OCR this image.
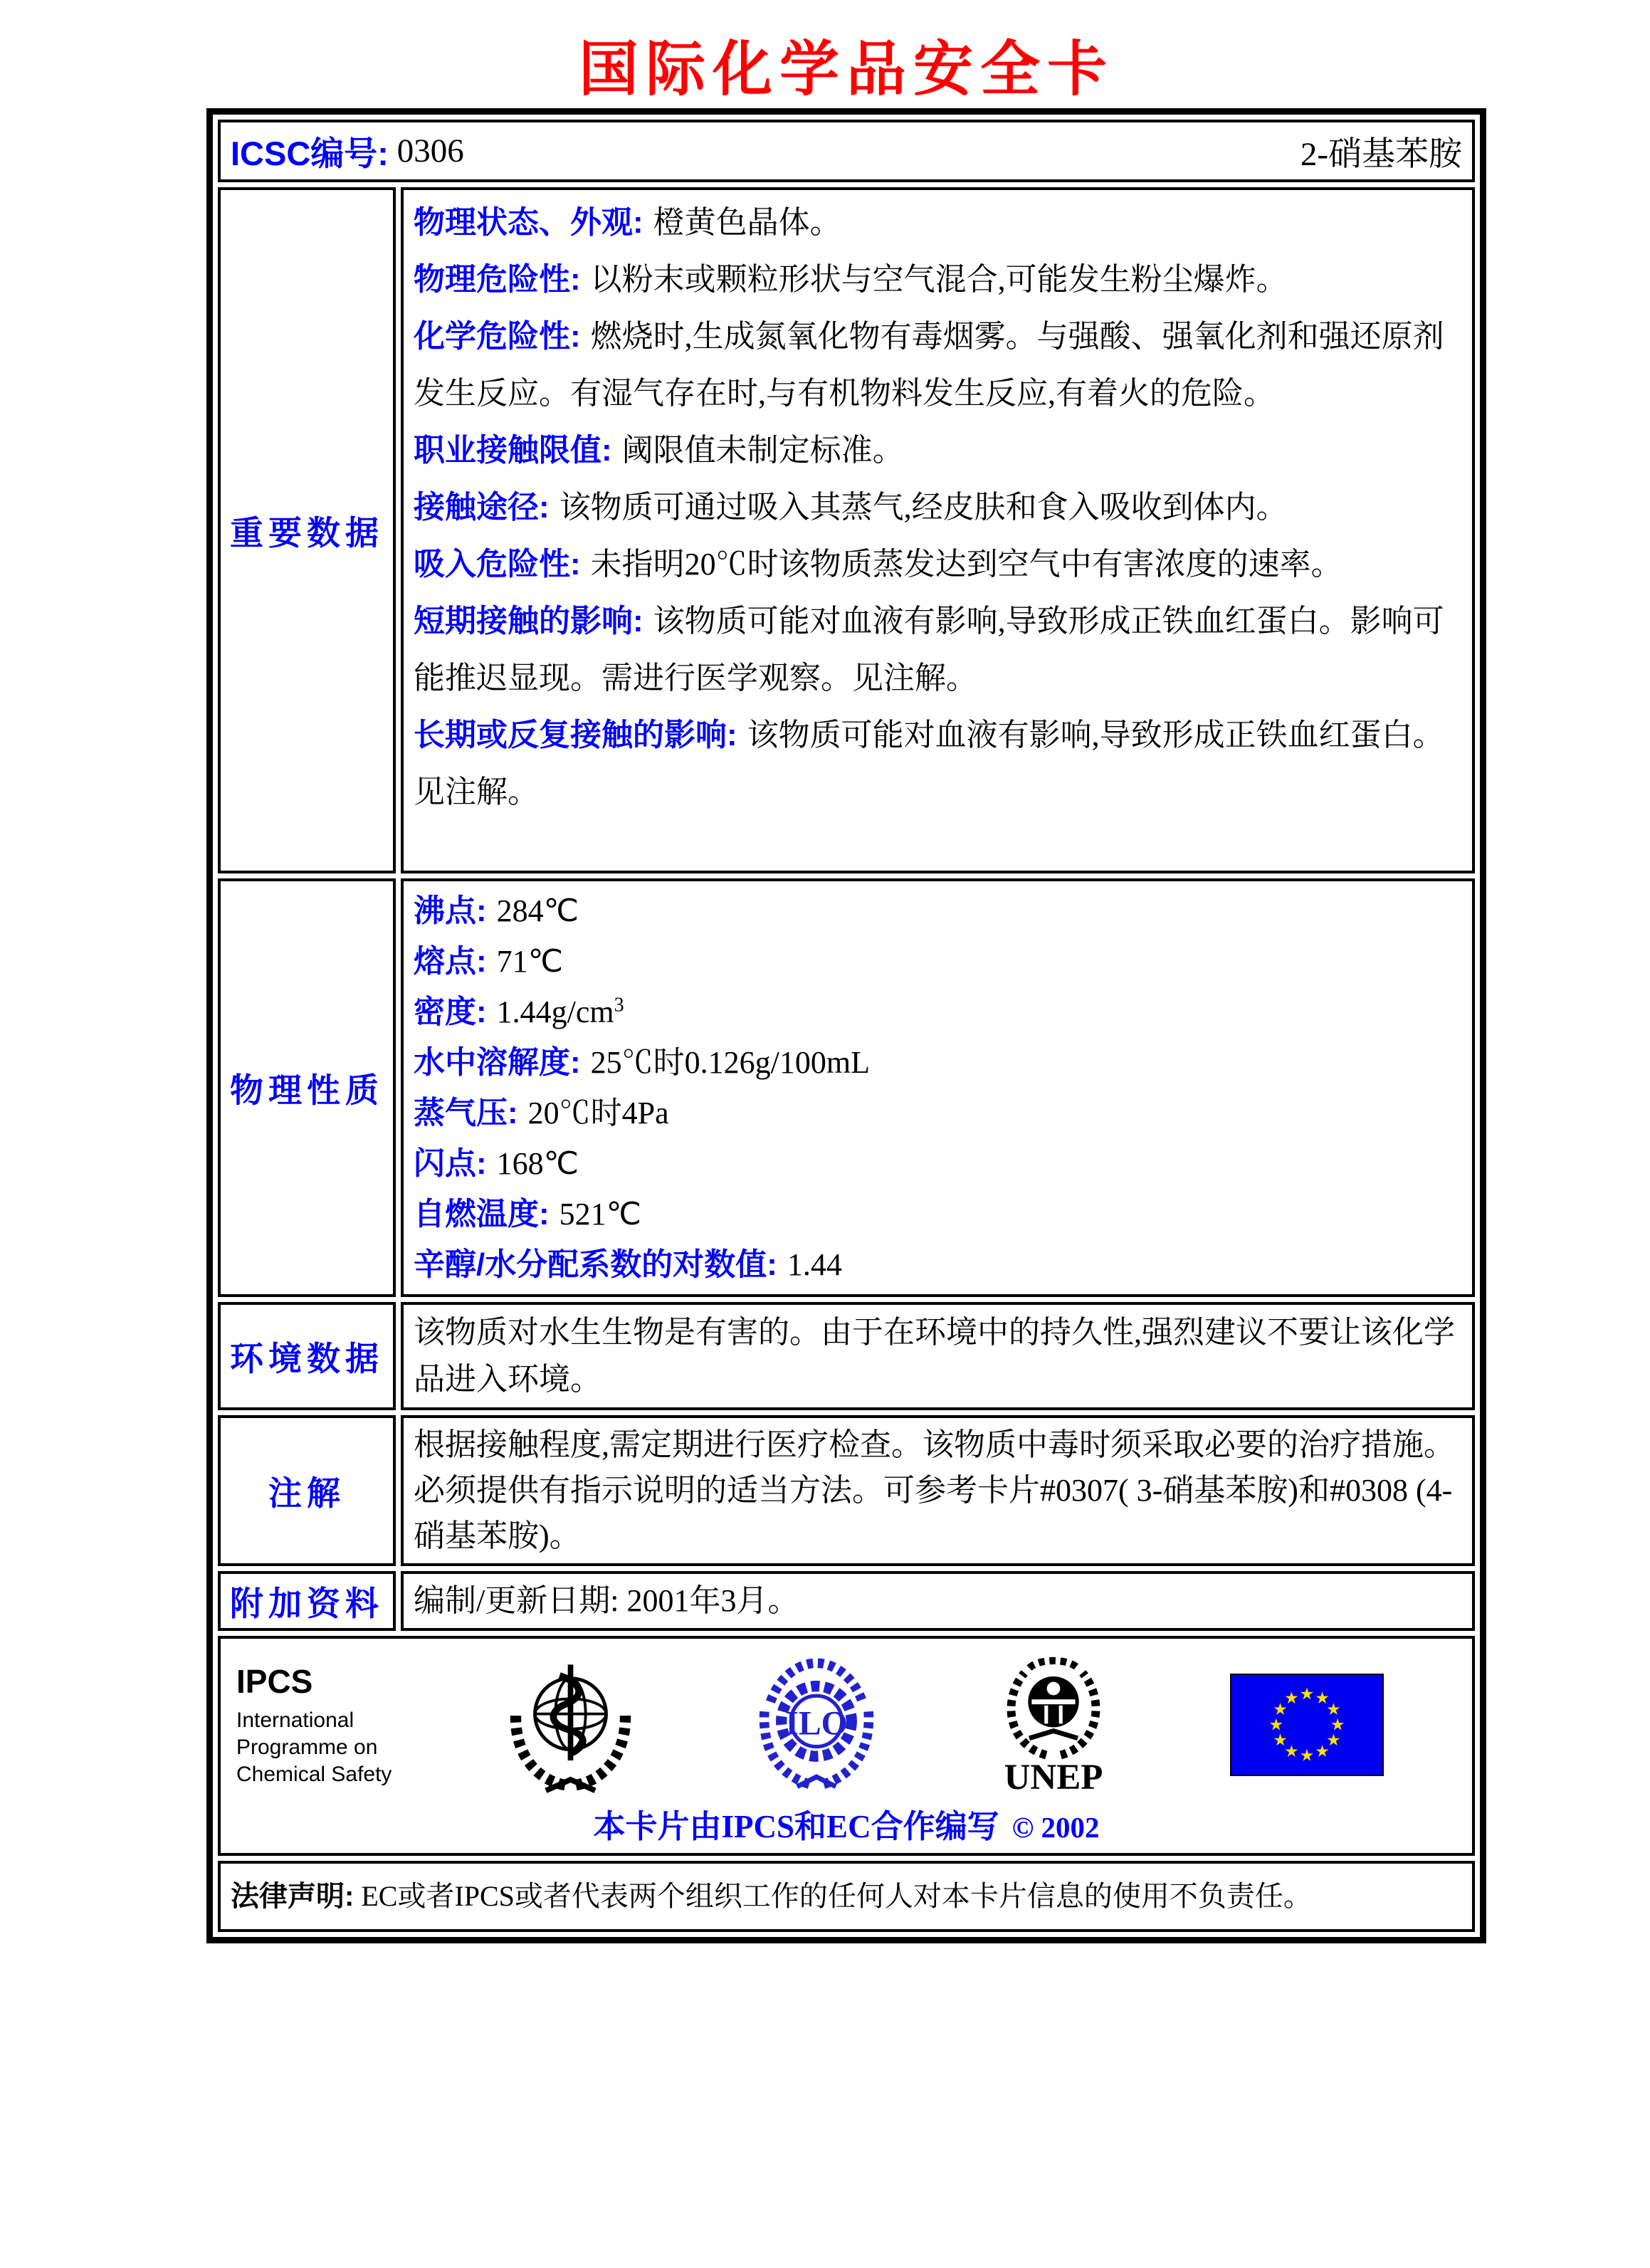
国际化学品安全卡
ICSC编号:
0306	2-硝基苯胺
重要数据
物理状态、外观: 橙黄色晶体。
物理危险性: 以粉末或颗粒形状与空气混合,可能发生粉尘爆炸。
化学危险性: 燃烧时,生成氮氧化物有毒烟雾。与强酸、强氧化剂和强还原剂发生反应。有湿气存在时,与有机物料发生反应,有着火的危险。
职业接触限值: 阈限值未制定标准。
接触途径: 该物质可通过吸入其蒸气,经皮肤和食入吸收到体内。
吸入危险性: 未指明20℃时该物质蒸发达到空气中有害浓度的速率。
短期接触的影响: 该物质可能对血液有影响,导致形成正铁血红蛋白。影响可能推迟显现。需进行医学观察。见注解。
长期或反复接触的影响: 该物质可能对血液有影响,导致形成正铁血红蛋白。见注解。
物理性质
沸点: 284℃
熔点: 71℃
密度: $1.44g/cm^3$
水中溶解度: 25℃时0.126g/100mL
蒸气压: 20℃时4Pa
闪点: 168℃
自燃温度: 521℃
辛醇/水分配系数的对数值: 1.44
环境数据
该物质对水生生物是有害的。由于在环境中的持久性,强烈建议不要让该化学品进入环境。
注解
根据接触程度,需定期进行医疗检查。该物质中毒时须采取必要的治疗措施。必须提供有指示说明的适当方法。可参考卡片#0307( 3-硝基苯胺)和#0308 (4-硝基苯胺)。
附加资料 编制/更新日期: 2001年3月。
IPCS
International
Programme on
Chemical Safety
ILO
UNEP
本卡片由IPCS和EC合作编写 © 2002
法律声明: EC或者IPCS或者代表两个组织工作的任何人对本卡片信息的使用不负责任。
